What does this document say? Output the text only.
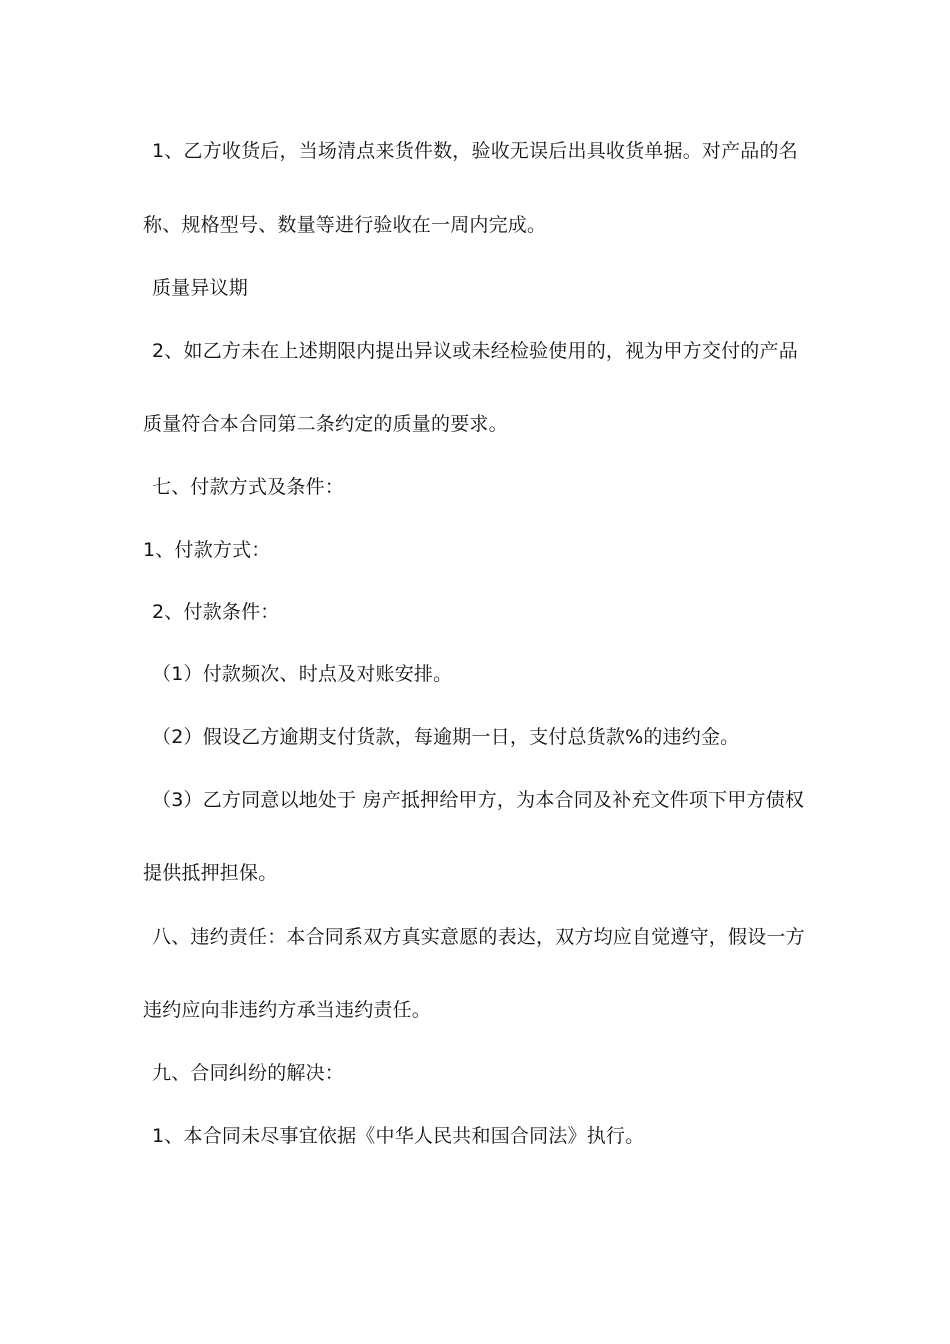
1、乙方收货后，当场清点来货件数，验收无误后出具收货单据。对产品的名
称、规格型号、数量等进行验收在一周内完成。
质量异议期
2、如乙方未在上述期限内提出异议或未经检验使用的，视为甲方交付的产品
质量符合本合同第二条约定的质量的要求。
七、付款方式及条件：
1、付款方式：
2、付款条件：
（1）付款频次、时点及对账安排。
（2）假设乙方逾期支付货款，每逾期一日，支付总货款%的违约金。
（3）乙方同意以地处于 房产抵押给甲方，为本合同及补充文件项下甲方债权
提供抵押担保。
八、违约责任：本合同系双方真实意愿的表达，双方均应自觉遵守，假设一方
违约应向非违约方承当违约责任。
九、合同纠纷的解决：
1、本合同未尽事宜依据《中华人民共和国合同法》执行。
